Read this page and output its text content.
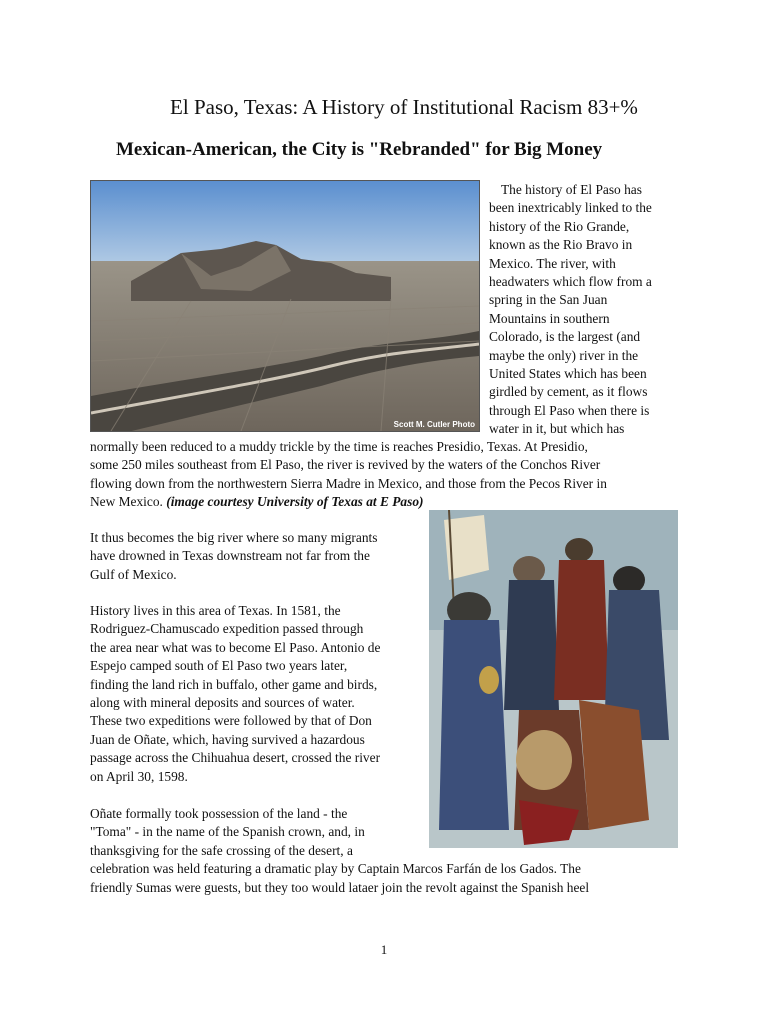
El Paso, Texas: A History of Institutional Racism 83+%
Mexican-American, the City is "Rebranded" for Big Money
Scott M. Cutler Photo
The history of El Paso has
been inextricably linked to the
history of the Rio Grande,
known as the Rio Bravo in
Mexico. The river, with
headwaters which flow from a
spring in the San Juan
Mountains in southern
Colorado, is the largest (and
maybe the only) river in the
United States which has been
girdled by cement, as it flows
through El Paso when there is
water in it, but which has
normally been reduced to a muddy trickle by the time is reaches Presidio, Texas. At Presidio,
some 250 miles southeast from El Paso, the river is revived by the waters of the Conchos River
flowing down from the northwestern Sierra Madre in Mexico, and those from the Pecos River in
New Mexico. (image courtesy University of Texas at E Paso)
It thus becomes the big river where so many migrants
have drowned in Texas downstream not far from the
Gulf of Mexico.
History lives in this area of Texas. In 1581, the
Rodriguez-Chamuscado expedition passed through
the area near what was to become El Paso. Antonio de
Espejo camped south of El Paso two years later,
finding the land rich in buffalo, other game and birds,
along with mineral deposits and sources of water.
These two expeditions were followed by that of Don
Juan de Oñate, which, having survived a hazardous
passage across the Chihuahua desert, crossed the river
on April 30, 1598.
Oñate formally took possession of the land - the
"Toma" - in the name of the Spanish crown, and, in
thanksgiving for the safe crossing of the desert, a
celebration was held featuring a dramatic play by Captain Marcos Farfán de los Gados. The
friendly Sumas were guests, but they too would lataer join the revolt against the Spanish heel
1
